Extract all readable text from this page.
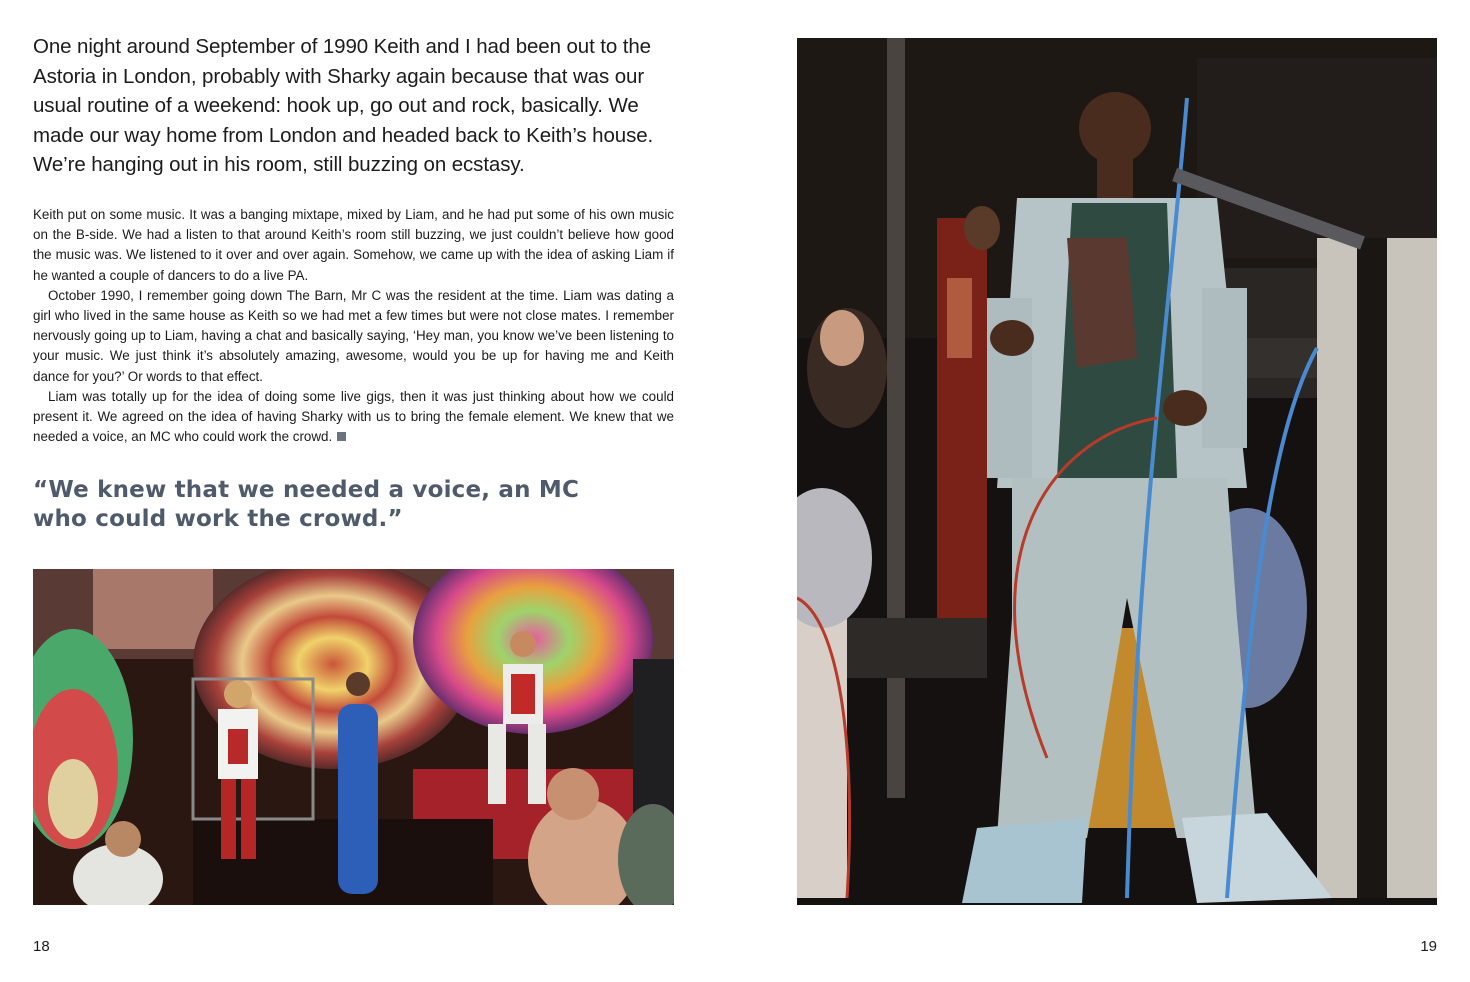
One night around September of 1990 Keith and I had been out to the Astoria in London, probably with Sharky again because that was our usual routine of a weekend: hook up, go out and rock, basically. We made our way home from London and headed back to Keith’s house. We’re hanging out in his room, still buzzing on ecstasy.

Keith put on some music. It was a banging mixtape, mixed by Liam, and he had put some of his own music on the B-side. We had a listen to that around Keith’s room still buzzing, we just couldn’t believe how good the music was. We listened to it over and over again. Somehow, we came up with the idea of asking Liam if he wanted a couple of dancers to do a live PA.

October 1990, I remember going down The Barn, Mr C was the resident at the time. Liam was dating a girl who lived in the same house as Keith so we had met a few times but were not close mates. I remember nervously going up to Liam, having a chat and basically saying, ‘Hey man, you know we’ve been listening to your music. We just think it’s absolutely amazing, awesome, would you be up for having me and Keith dance for you?’ Or words to that effect.

Liam was totally up for the idea of doing some live gigs, then it was just thinking about how we could present it. We agreed on the idea of having Sharky with us to bring the female element. We knew that we needed a voice, an MC who could work the crowd.

“We knew that we needed a voice, an MC who could work the crowd.”

18	19
